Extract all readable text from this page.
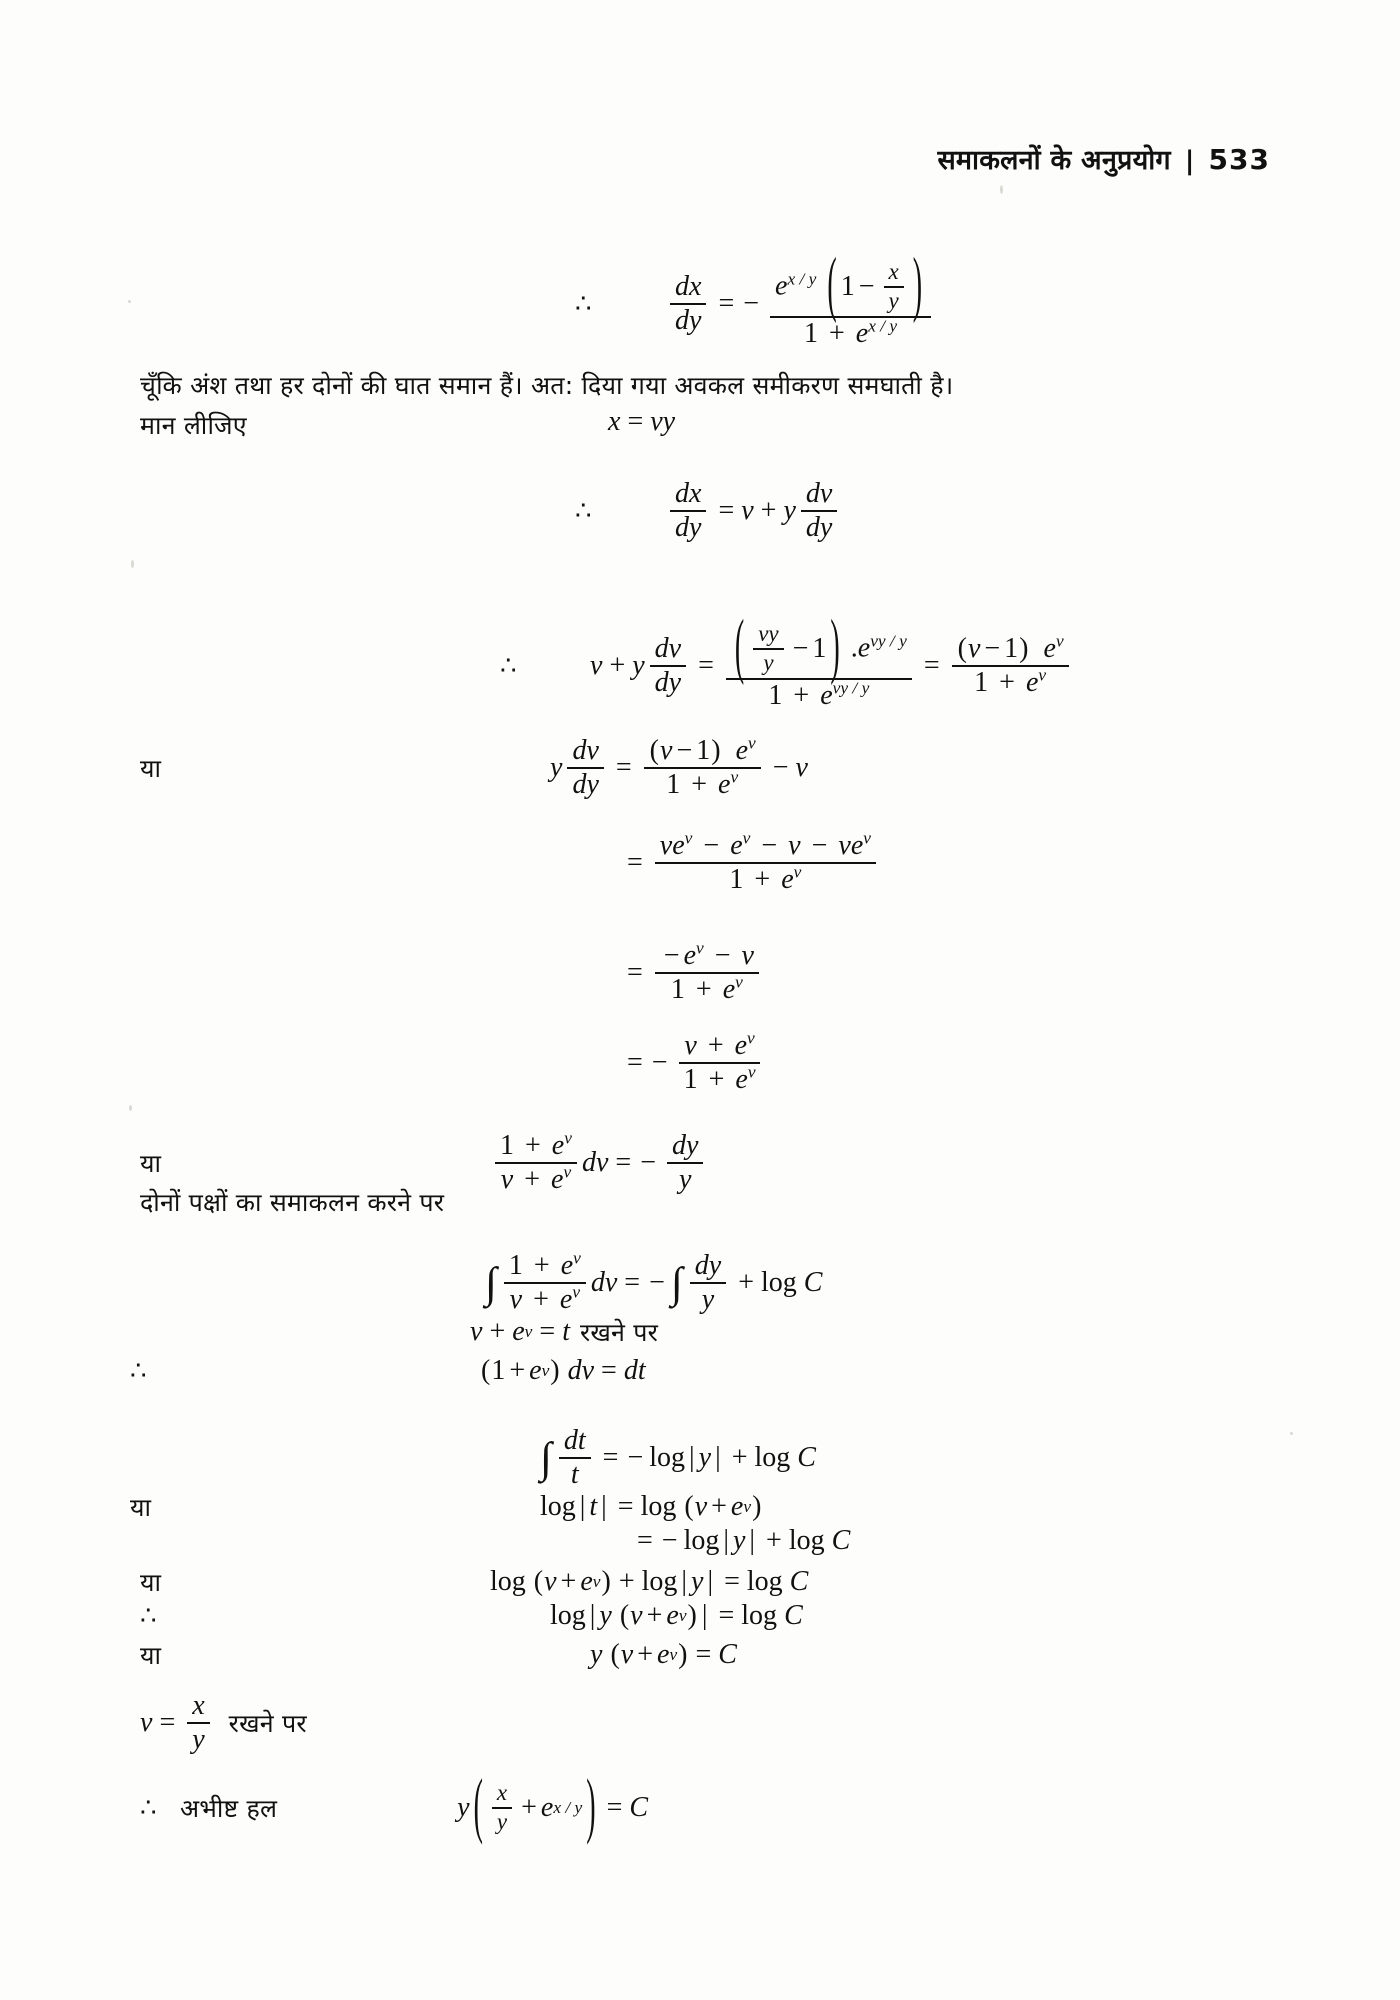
समाकलनों के अनुप्रयोग | 533
∴	$\frac{dx}{dy}$ = −
$e^{x / y}$ ( $1 - \frac{x}{y}$ )
$1 + e^{x / y}$
चूँकि अंश तथा हर दोनों की घात समान हैं। अत: दिया गया अवकल समीकरण समघाती है।
मान लीजिए	x = vy
∴	$\frac{dx}{dy} = v + y \frac{dv}{dy}$
∴	v + y $\frac{dv}{dy}$ = ( $\frac{vy}{y} - 1$ ) $.e^{vy / y}$
$1 + e^{vy / y}$
=
( v − 1 ) $e^v$
$1 + e^v$
या	y $\frac{dv}{dy}$ =
( v − 1 ) $e^v$
$1 + e^v - v$
=
$ve^v - e^v - v - ve^v$
$1 + e^v$
= $\frac{- e^v - v}{1 + e^v}$
= − $\frac{v + e^v}{1 + e^v}$
या	$\frac{1 + e^v}{v + e^v}$ dv = − $\frac{dy}{y}$
दोनों पक्षों का समाकलन करने पर
∫ $\frac{1 + e^v}{v + e^v}$ dv = − ∫ $\frac{dy}{y} + \log$
C
v + e v = t रखने पर
∴	( 1 + e v )
dv = dt
∫ $\frac{dt}{t}$ = − log | y | + log
C
या	log | t | = log
( v + e v )
= − log | y | + log
C
या	log
( v + e v ) + log | y | = log
C
∴	log | y
( v + e v ) | = log
C
या	y
( v + e v ) = C
$v = \frac{x}{y}$ रखने पर
∴ अभीष्ट हल	y ( $\frac{x}{y} + e$ x / y ) = C
